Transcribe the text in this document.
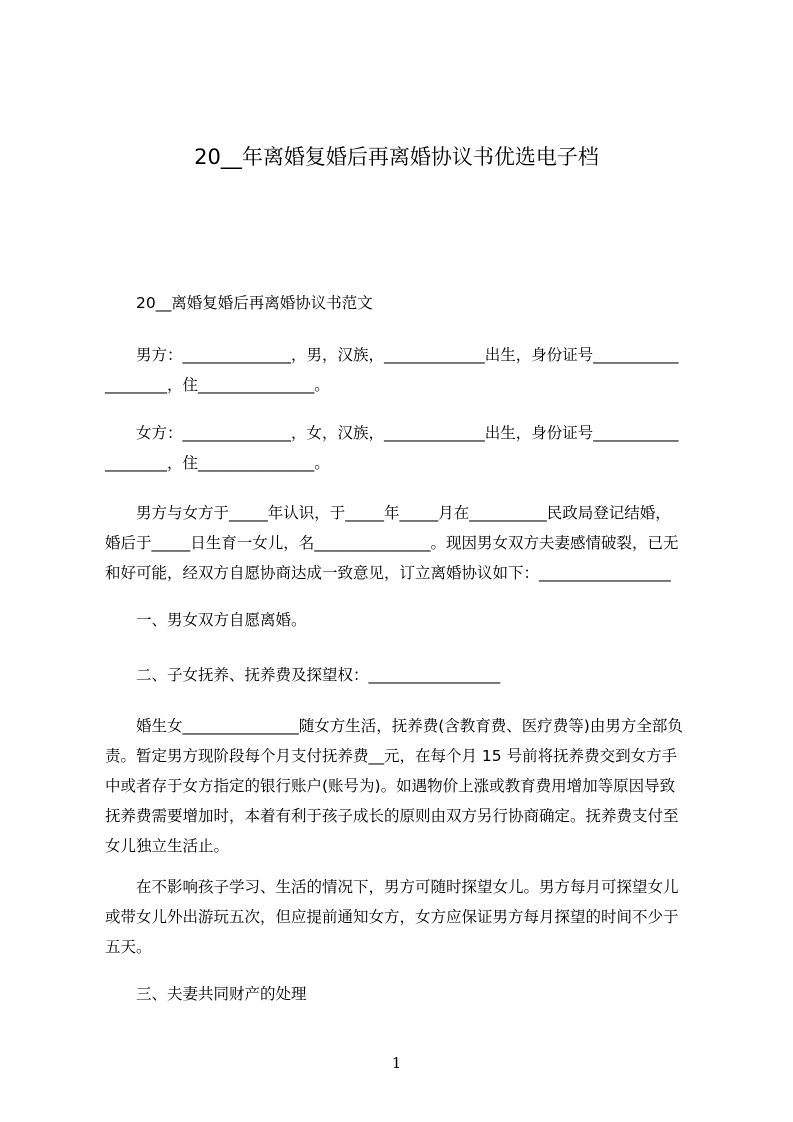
20__年离婚复婚后再离婚协议书优选电子档
　　20__离婚复婚后再离婚协议书范文
　　男方：______________，男，汉族，_____________出生，身份证号___________
________，住_______________。
　　女方：______________，女，汉族，_____________出生，身份证号___________
________，住_______________。
　　男方与女方于_____年认识，于_____年_____月在__________民政局登记结婚，
婚后于_____日生育一女儿，名_______________。现因男女双方夫妻感情破裂，已无
和好可能，经双方自愿协商达成一致意见，订立离婚协议如下：_________________
　　一、男女双方自愿离婚。
　　二、子女抚养、抚养费及探望权：_________________
　　婚生女_______________随女方生活，抚养费(含教育费、医疗费等)由男方全部负
责。暂定男方现阶段每个月支付抚养费__元，在每个月 15 号前将抚养费交到女方手
中或者存于女方指定的银行账户(账号为)。如遇物价上涨或教育费用增加等原因导致
抚养费需要增加时，本着有利于孩子成长的原则由双方另行协商确定。抚养费支付至
女儿独立生活止。
　　在不影响孩子学习、生活的情况下，男方可随时探望女儿。男方每月可探望女儿
或带女儿外出游玩五次，但应提前通知女方，女方应保证男方每月探望的时间不少于
五天。
　　三、夫妻共同财产的处理
1
